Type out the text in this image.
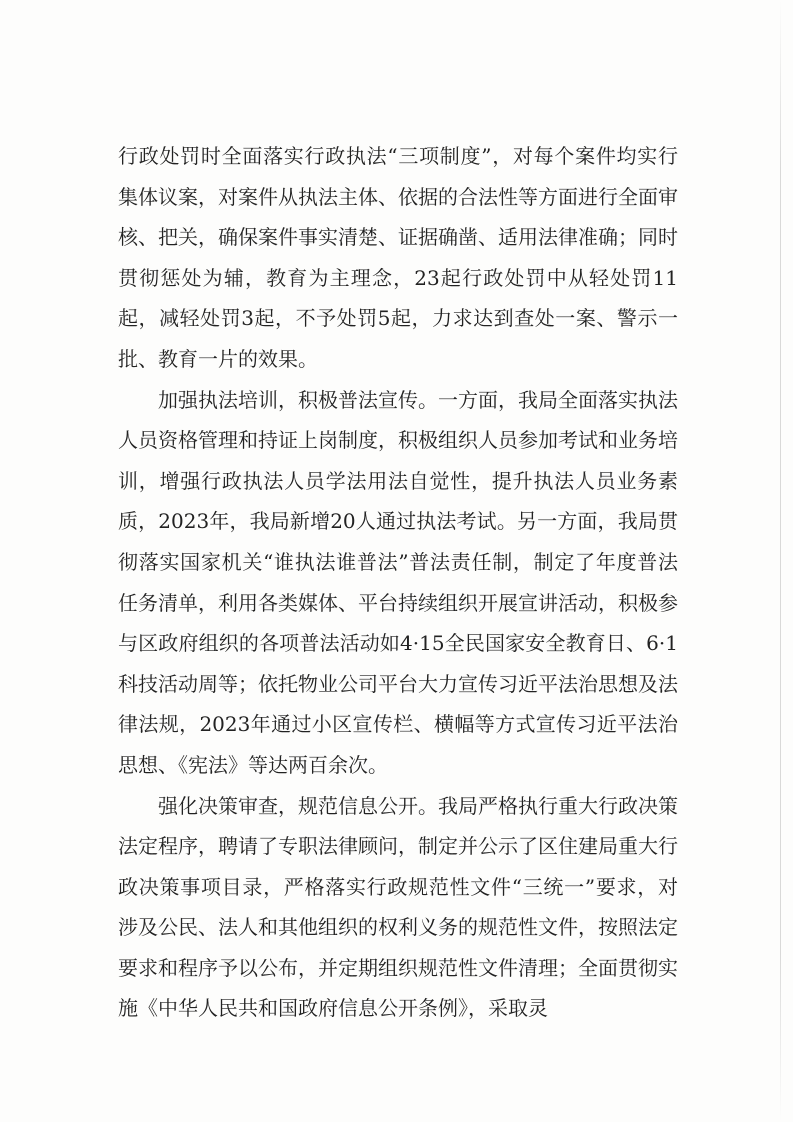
行政处罚时全面落实行政执法“三项制度”，对每个案件均实行集体议案，对案件从执法主体、依据的合法性等方面进行全面审核、把关，确保案件事实清楚、证据确凿、适用法律准确；同时贯彻惩处为辅，教育为主理念，23起行政处罚中从轻处罚11起，减轻处罚3起，不予处罚5起，力求达到查处一案、警示一批、教育一片的效果。

加强执法培训，积极普法宣传。一方面，我局全面落实执法人员资格管理和持证上岗制度，积极组织人员参加考试和业务培训，增强行政执法人员学法用法自觉性，提升执法人员业务素质，2023年，我局新增20人通过执法考试。另一方面，我局贯彻落实国家机关“谁执法谁普法”普法责任制，制定了年度普法任务清单，利用各类媒体、平台持续组织开展宣讲活动，积极参与区政府组织的各项普法活动如4·15全民国家安全教育日、6·1科技活动周等；依托物业公司平台大力宣传习近平法治思想及法律法规，2023年通过小区宣传栏、横幅等方式宣传习近平法治思想、《宪法》等达两百余次。

强化决策审查，规范信息公开。我局严格执行重大行政决策法定程序，聘请了专职法律顾问，制定并公示了区住建局重大行政决策事项目录，严格落实行政规范性文件“三统一”要求，对涉及公民、法人和其他组织的权利义务的规范性文件，按照法定要求和程序予以公布，并定期组织规范性文件清理；全面贯彻实施《中华人民共和国政府信息公开条例》，采取灵
